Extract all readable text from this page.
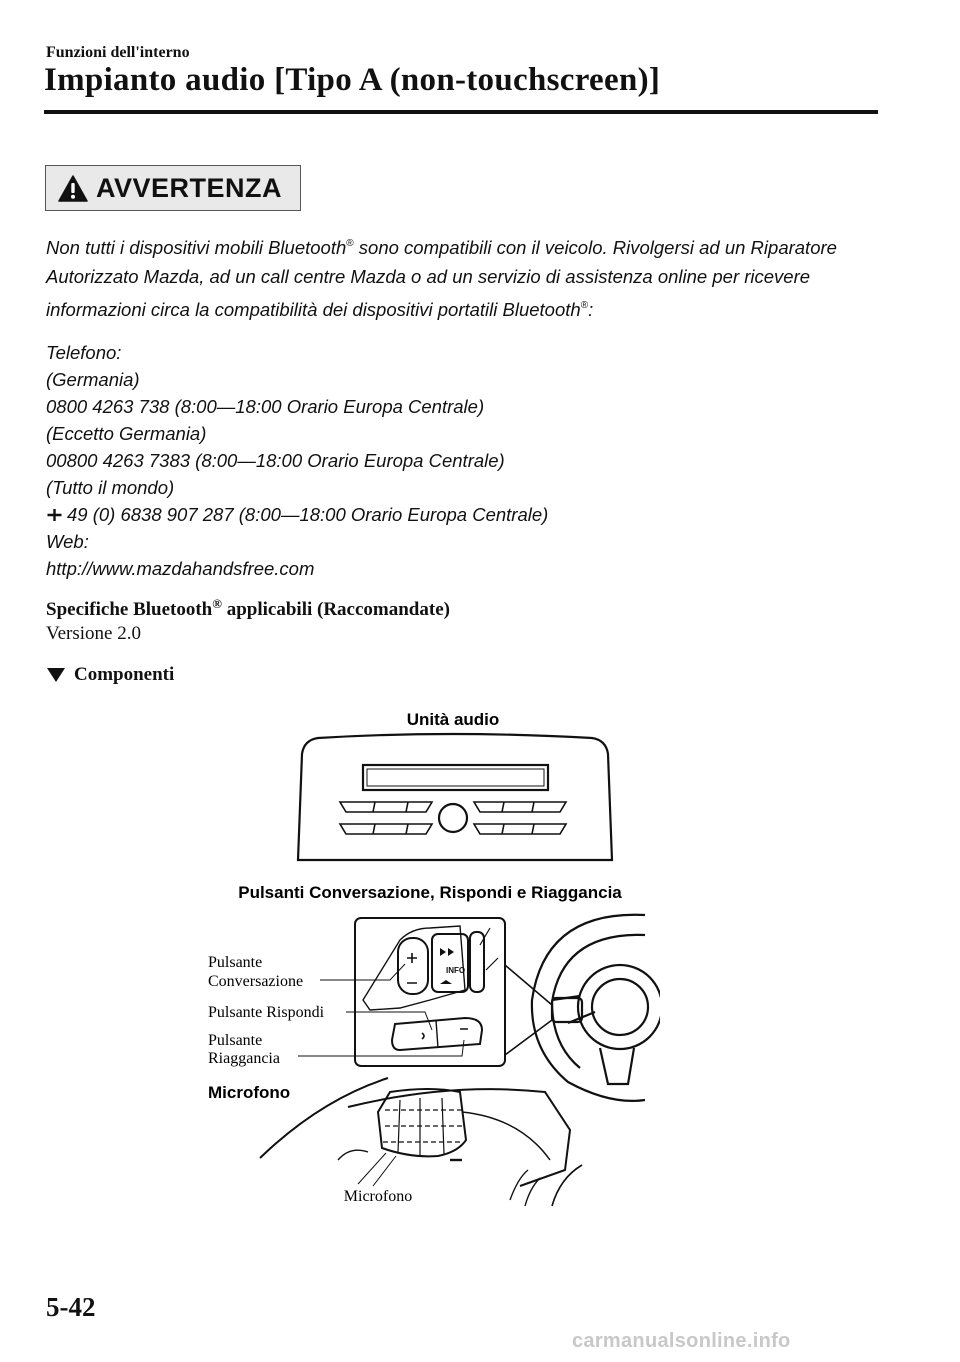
Funzioni dell'interno
Impianto audio [Tipo A (non-touchscreen)]
AVVERTENZA

Non tutti i dispositivi mobili Bluetooth® sono compatibili con il veicolo. Rivolgersi ad un Riparatore Autorizzato Mazda, ad un call centre Mazda o ad un servizio di assistenza online per ricevere informazioni circa la compatibilità dei dispositivi portatili Bluetooth®:

Telefono:
(Germania)
0800 4263 738 (8:00—18:00 Orario Europa Centrale)
(Eccetto Germania)
00800 4263 7383 (8:00—18:00 Orario Europa Centrale)
(Tutto il mondo)
49 (0) 6838 907 287 (8:00—18:00 Orario Europa Centrale)
Web:
http://www.mazdahandsfree.com
Specifiche Bluetooth® applicabili (Raccomandate)
Versione 2.0
Componenti
Unità audio
Pulsanti Conversazione, Rispondi e Riaggancia
INFO
Pulsante
Conversazione
Pulsante Rispondi
Pulsante
Riaggancia
Microfono
Microfono
5-42
carmanualsonline.info
